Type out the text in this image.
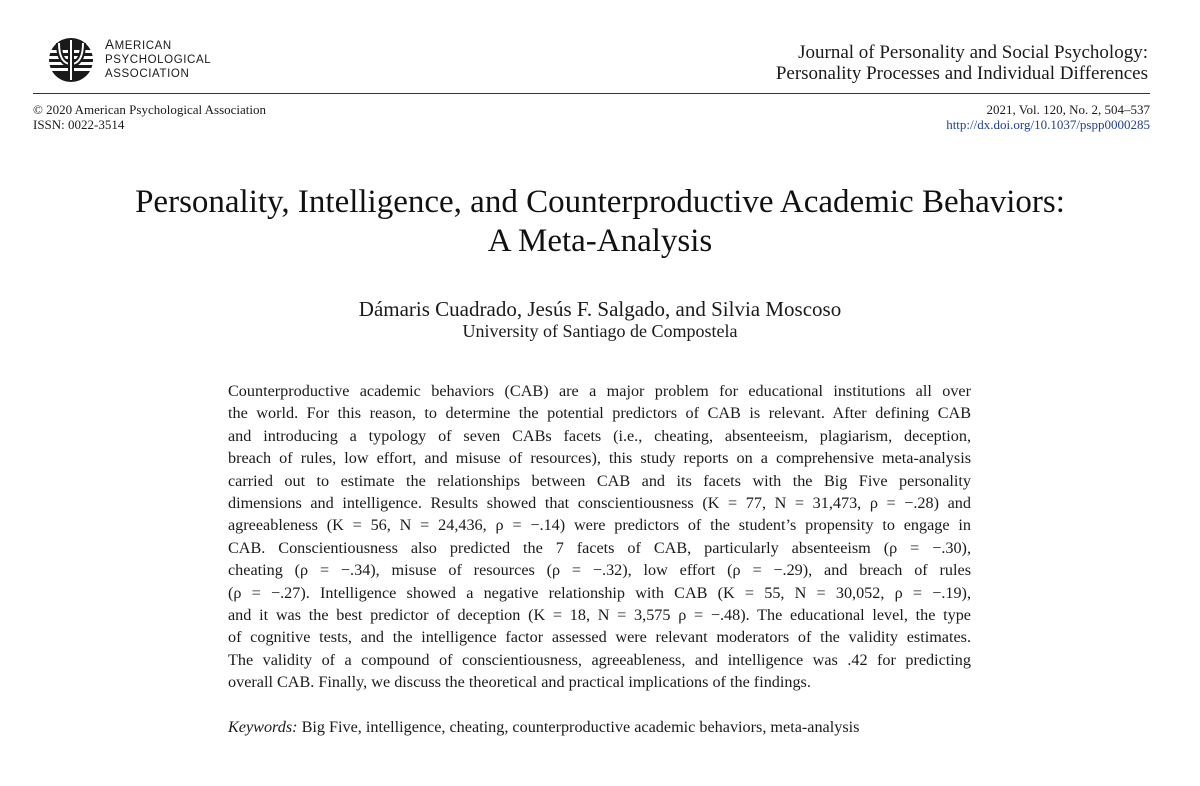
AMERICAN
PSYCHOLOGICAL
ASSOCIATION
Journal of Personality and Social Psychology:
Personality Processes and Individual Differences
© 2020 American Psychological Association
ISSN: 0022-3514
2021, Vol. 120, No. 2, 504–537
http://dx.doi.org/10.1037/pspp0000285
Personality, Intelligence, and Counterproductive Academic Behaviors:
A Meta-Analysis
Dámaris Cuadrado, Jesús F. Salgado, and Silvia Moscoso
University of Santiago de Compostela
Counterproductive academic behaviors (CAB) are a major problem for educational institutions all over
the world. For this reason, to determine the potential predictors of CAB is relevant. After defining CAB
and introducing a typology of seven CABs facets (i.e., cheating, absenteeism, plagiarism, deception,
breach of rules, low effort, and misuse of resources), this study reports on a comprehensive meta-analysis
carried out to estimate the relationships between CAB and its facets with the Big Five personality
dimensions and intelligence. Results showed that conscientiousness (K = 77, N = 31,473, ρ = −.28) and
agreeableness (K = 56, N = 24,436, ρ = −.14) were predictors of the student’s propensity to engage in
CAB. Conscientiousness also predicted the 7 facets of CAB, particularly absenteeism (ρ = −.30),
cheating (ρ = −.34), misuse of resources (ρ = −.32), low effort (ρ = −.29), and breach of rules
(ρ = −.27). Intelligence showed a negative relationship with CAB (K = 55, N = 30,052, ρ = −.19),
and it was the best predictor of deception (K = 18, N = 3,575 ρ = −.48). The educational level, the type
of cognitive tests, and the intelligence factor assessed were relevant moderators of the validity estimates.
The validity of a compound of conscientiousness, agreeableness, and intelligence was .42 for predicting
overall CAB. Finally, we discuss the theoretical and practical implications of the findings.
Keywords: Big Five, intelligence, cheating, counterproductive academic behaviors, meta-analysis
